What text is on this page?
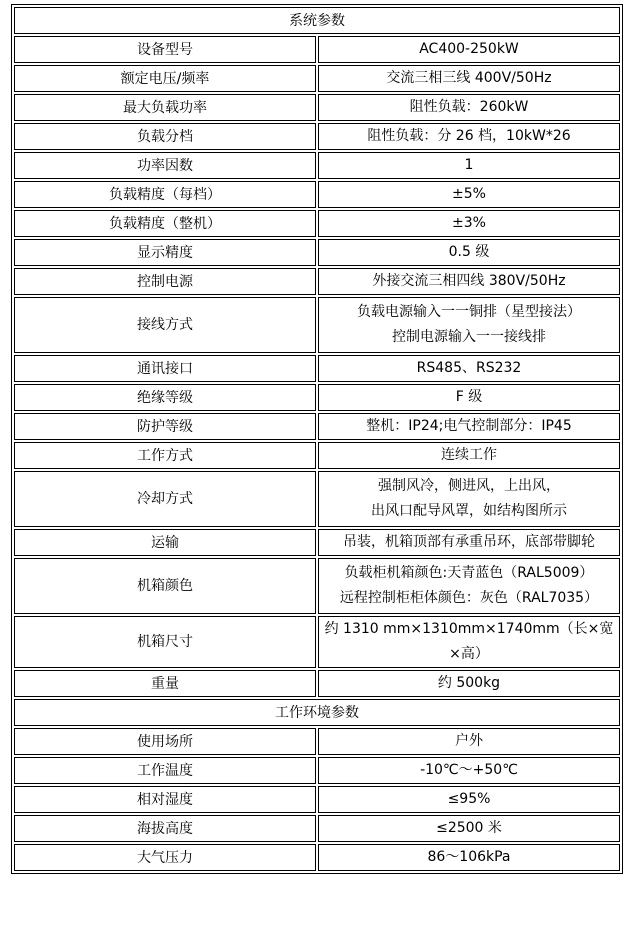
系统参数	
设备型号	AC400-250kW

额定电压/频率	交流三相三线 400V/50Hz

最大负载功率	阻性负载：260kW

负载分档	阻性负载：分 26 档，10kW*26

功率因数	1

负载精度（每档）	±5%

负载精度（整机）	±3%

显示精度	0.5 级

控制电源	外接交流三相四线 380V/50Hz

接线方式	负载电源输入一一铜排（星型接法）
控制电源输入一一接线排

通讯接口	RS485、RS232

绝缘等级	F 级

防护等级	整机：IP24;电气控制部分：IP45

工作方式	连续工作

冷却方式	强制风冷，侧进风，上出风，
出风口配导风罩，如结构图所示

运输	吊装，机箱顶部有承重吊环，底部带脚轮

机箱颜色	负载柜机箱颜色:天青蓝色（RAL5009）
远程控制柜柜体颜色：灰色（RAL7035）

机箱尺寸	约 1310 mm×1310mm×1740mm（长×宽×高）

重量	约 500kg

工作环境参数	
使用场所	户外

工作温度	-10℃～+50℃

相对湿度	≤95%

海拔高度	≤2500 米

大气压力	86～106kPa
